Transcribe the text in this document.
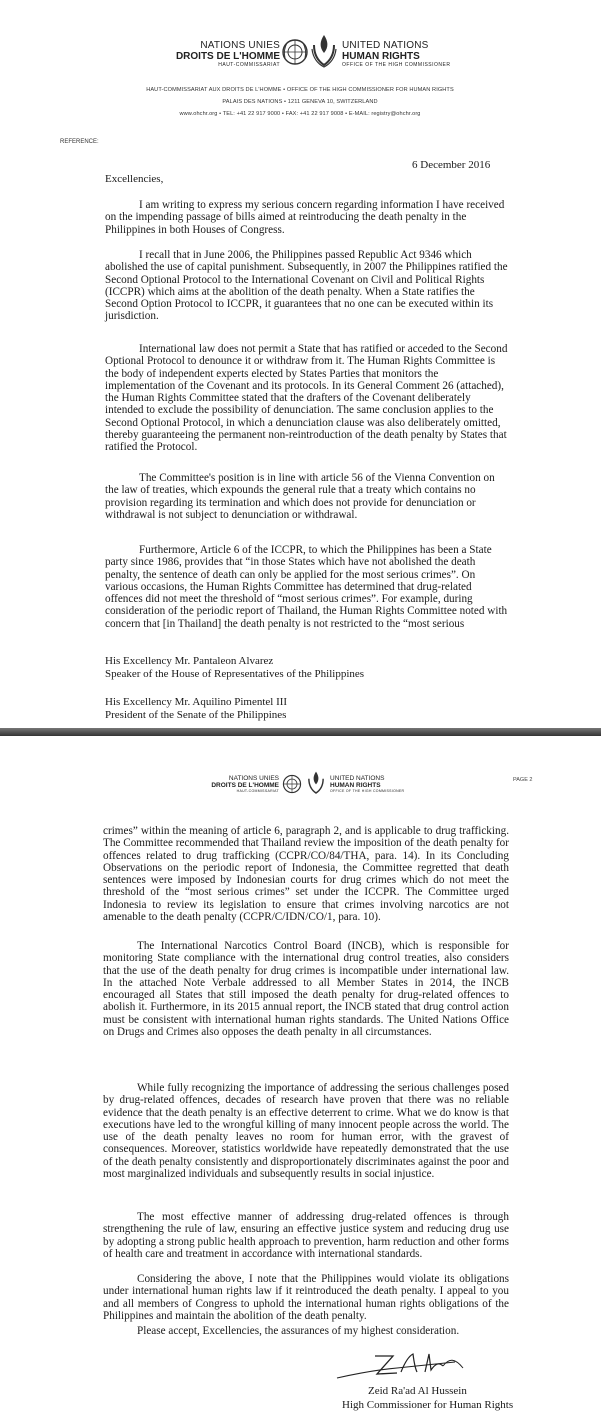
NATIONS UNIES
DROITS DE L'HOMME
HAUT-COMMISSARIAT
UNITED NATIONS
HUMAN RIGHTS
OFFICE OF THE HIGH COMMISSIONER
HAUT-COMMISSARIAT AUX DROITS DE L'HOMME • OFFICE OF THE HIGH COMMISSIONER FOR HUMAN RIGHTS
PALAIS DES NATIONS • 1211 GENEVA 10, SWITZERLAND
www.ohchr.org • TEL: +41 22 917 9000 • FAX: +41 22 917 9008 • E-MAIL: registry@ohchr.org
REFERENCE:
6 December 2016
Excellencies,
I am writing to express my serious concern regarding information I have received on the impending passage of bills aimed at reintroducing the death penalty in the Philippines in both Houses of Congress.
I recall that in June 2006, the Philippines passed Republic Act 9346 which abolished the use of capital punishment. Subsequently, in 2007 the Philippines ratified the Second Optional Protocol to the International Covenant on Civil and Political Rights (ICCPR) which aims at the abolition of the death penalty. When a State ratifies the Second Option Protocol to ICCPR, it guarantees that no one can be executed within its jurisdiction.
International law does not permit a State that has ratified or acceded to the Second Optional Protocol to denounce it or withdraw from it. The Human Rights Committee is the body of independent experts elected by States Parties that monitors the implementation of the Covenant and its protocols. In its General Comment 26 (attached), the Human Rights Committee stated that the drafters of the Covenant deliberately intended to exclude the possibility of denunciation. The same conclusion applies to the Second Optional Protocol, in which a denunciation clause was also deliberately omitted, thereby guaranteeing the permanent non-reintroduction of the death penalty by States that ratified the Protocol.
The Committee's position is in line with article 56 of the Vienna Convention on the law of treaties, which expounds the general rule that a treaty which contains no provision regarding its termination and which does not provide for denunciation or withdrawal is not subject to denunciation or withdrawal.
Furthermore, Article 6 of the ICCPR, to which the Philippines has been a State party since 1986, provides that “in those States which have not abolished the death penalty, the sentence of death can only be applied for the most serious crimes”. On various occasions, the Human Rights Committee has determined that drug-related offences did not meet the threshold of “most serious crimes”. For example, during consideration of the periodic report of Thailand, the Human Rights Committee noted with concern that [in Thailand] the death penalty is not restricted to the “most serious
His Excellency Mr. Pantaleon Alvarez
Speaker of the House of Representatives of the Philippines
His Excellency Mr. Aquilino Pimentel III
President of the Senate of the Philippines
NATIONS UNIES
DROITS DE L'HOMME
HAUT-COMMISSARIAT
UNITED NATIONS
HUMAN RIGHTS
OFFICE OF THE HIGH COMMISSIONER
PAGE 2
crimes” within the meaning of article 6, paragraph 2, and is applicable to drug trafficking. The Committee recommended that Thailand review the imposition of the death penalty for offences related to drug trafficking (CCPR/CO/84/THA, para. 14). In its Concluding Observations on the periodic report of Indonesia, the Committee regretted that death sentences were imposed by Indonesian courts for drug crimes which do not meet the threshold of the “most serious crimes” set under the ICCPR. The Committee urged Indonesia to review its legislation to ensure that crimes involving narcotics are not amenable to the death penalty (CCPR/C/IDN/CO/1, para. 10).
The International Narcotics Control Board (INCB), which is responsible for monitoring State compliance with the international drug control treaties, also considers that the use of the death penalty for drug crimes is incompatible under international law. In the attached Note Verbale addressed to all Member States in 2014, the INCB encouraged all States that still imposed the death penalty for drug-related offences to abolish it. Furthermore, in its 2015 annual report, the INCB stated that drug control action must be consistent with international human rights standards. The United Nations Office on Drugs and Crimes also opposes the death penalty in all circumstances.
While fully recognizing the importance of addressing the serious challenges posed by drug-related offences, decades of research have proven that there was no reliable evidence that the death penalty is an effective deterrent to crime. What we do know is that executions have led to the wrongful killing of many innocent people across the world. The use of the death penalty leaves no room for human error, with the gravest of consequences. Moreover, statistics worldwide have repeatedly demonstrated that the use of the death penalty consistently and disproportionately discriminates against the poor and most marginalized individuals and subsequently results in social injustice.
The most effective manner of addressing drug-related offences is through strengthening the rule of law, ensuring an effective justice system and reducing drug use by adopting a strong public health approach to prevention, harm reduction and other forms of health care and treatment in accordance with international standards.
Considering the above, I note that the Philippines would violate its obligations under international human rights law if it reintroduced the death penalty. I appeal to you and all members of Congress to uphold the international human rights obligations of the Philippines and maintain the abolition of the death penalty.
Please accept, Excellencies, the assurances of my highest consideration.
Zeid Ra'ad Al Hussein
High Commissioner for Human Rights
